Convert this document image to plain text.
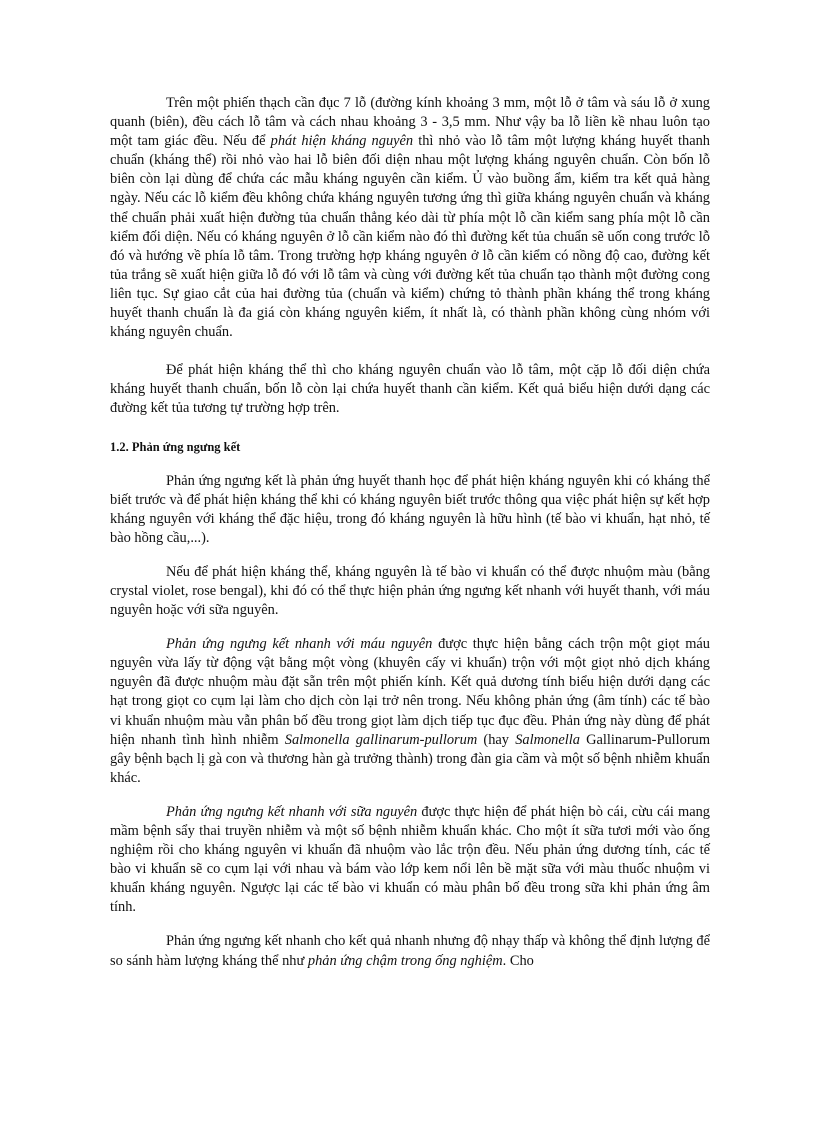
Trên một phiến thạch cần đục 7 lỗ (đường kính khoảng 3 mm, một lỗ ở tâm và sáu lỗ ở xung quanh (biên), đều cách lỗ tâm và cách nhau khoảng 3 - 3,5 mm. Như vậy ba lỗ liền kề nhau luôn tạo một tam giác đều. Nếu để phát hiện kháng nguyên thì nhỏ vào lỗ tâm một lượng kháng huyết thanh chuẩn (kháng thể) rồi nhỏ vào hai lỗ biên đối diện nhau một lượng kháng nguyên chuẩn. Còn bốn lỗ biên còn lại dùng để chứa các mẫu kháng nguyên cần kiểm. Ủ vào buồng ẩm, kiểm tra kết quả hàng ngày. Nếu các lỗ kiểm đều không chứa kháng nguyên tương ứng thì giữa kháng nguyên chuẩn và kháng thể chuẩn phải xuất hiện đường tủa chuẩn thẳng kéo dài từ phía một lỗ cần kiểm sang phía một lỗ cần kiểm đối diện. Nếu có kháng nguyên ở lỗ cần kiểm nào đó thì đường kết tủa chuẩn sẽ uốn cong trước lỗ đó và hướng về phía lỗ tâm. Trong trường hợp kháng nguyên ở lỗ cần kiểm có nồng độ cao, đường kết tủa trắng sẽ xuất hiện giữa lỗ đó với lỗ tâm và cùng với đường kết tủa chuẩn tạo thành một đường cong liên tục. Sự giao cắt của hai đường tủa (chuẩn và kiểm) chứng tỏ thành phần kháng thể trong kháng huyết thanh chuẩn là đa giá còn kháng nguyên kiểm, ít nhất là, có thành phần không cùng nhóm với kháng nguyên chuẩn.

Để phát hiện kháng thể thì cho kháng nguyên chuẩn vào lỗ tâm, một cặp lỗ đối diện chứa kháng huyết thanh chuẩn, bốn lỗ còn lại chứa huyết thanh cần kiểm. Kết quả biểu hiện dưới dạng các đường kết tủa tương tự trường hợp trên.

1.2. Phản ứng ngưng kết

Phản ứng ngưng kết là phản ứng huyết thanh học để phát hiện kháng nguyên khi có kháng thể biết trước và để phát hiện kháng thể khi có kháng nguyên biết trước thông qua việc phát hiện sự kết hợp kháng nguyên với kháng thể đặc hiệu, trong đó kháng nguyên là hữu hình (tế bào vi khuẩn, hạt nhỏ, tế bào hồng cầu,...).

Nếu để phát hiện kháng thể, kháng nguyên là tế bào vi khuẩn có thể được nhuộm màu (bằng crystal violet, rose bengal), khi đó có thể thực hiện phản ứng ngưng kết nhanh với huyết thanh, với máu nguyên hoặc với sữa nguyên.

Phản ứng ngưng kết nhanh với máu nguyên được thực hiện bằng cách trộn một giọt máu nguyên vừa lấy từ động vật bằng một vòng (khuyên cấy vi khuẩn) trộn với một giọt nhỏ dịch kháng nguyên đã được nhuộm màu đặt sẵn trên một phiến kính. Kết quả dương tính biểu hiện dưới dạng các hạt trong giọt co cụm lại làm cho dịch còn lại trở nên trong. Nếu không phản ứng (âm tính) các tế bào vi khuẩn nhuộm màu vẫn phân bố đều trong giọt làm dịch tiếp tục đục đều. Phản ứng này dùng để phát hiện nhanh tình hình nhiễm Salmonella gallinarum-pullorum (hay Salmonella Gallinarum-Pullorum gây bệnh bạch lị gà con và thương hàn gà trưởng thành) trong đàn gia cầm và một số bệnh nhiễm khuẩn khác.

Phản ứng ngưng kết nhanh với sữa nguyên được thực hiện để phát hiện bò cái, cừu cái mang mầm bệnh sẩy thai truyền nhiễm và một số bệnh nhiễm khuẩn khác. Cho một ít sữa tươi mới vào ống nghiệm rồi cho kháng nguyên vi khuẩn đã nhuộm vào lắc trộn đều. Nếu phản ứng dương tính, các tế bào vi khuẩn sẽ co cụm lại với nhau và bám vào lớp kem nổi lên bề mặt sữa với màu thuốc nhuộm vi khuẩn kháng nguyên. Ngược lại các tế bào vi khuẩn có màu phân bố đều trong sữa khi phản ứng âm tính.

Phản ứng ngưng kết nhanh cho kết quả nhanh nhưng độ nhạy thấp và không thể định lượng để so sánh hàm lượng kháng thể như phản ứng chậm trong ống nghiệm. Cho
